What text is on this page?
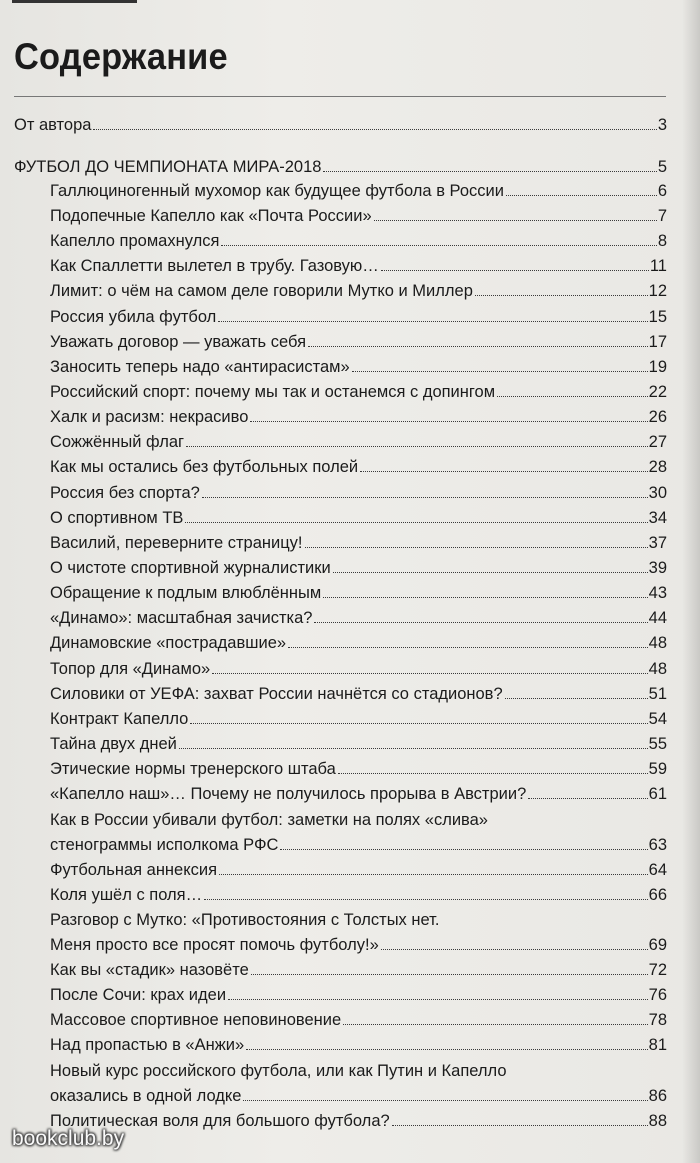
Содержание
От автора	3
ФУТБОЛ ДО ЧЕМПИОНАТА МИРА-2018	5
Галлюциногенный мухомор как будущее футбола в России	6
Подопечные Капелло как «Почта России»	7
Капелло промахнулся	8
Как Спаллетти вылетел в трубу. Газовую…	11
Лимит: о чём на самом деле говорили Мутко и Миллер	12
Россия убила футбол	15
Уважать договор — уважать себя	17
Заносить теперь надо «антирасистам»	19
Российский спорт: почему мы так и останемся с допингом	22
Халк и расизм: некрасиво	26
Сожжённый флаг	27
Как мы остались без футбольных полей	28
Россия без спорта?	30
О спортивном ТВ	34
Василий, переверните страницу!	37
О чистоте спортивной журналистики	39
Обращение к подлым влюблённым	43
«Динамо»: масштабная зачистка?	44
Динамовские «пострадавшие»	48
Топор для «Динамо»	48
Силовики от УЕФА: захват России начнётся со стадионов?	51
Контракт Капелло	54
Тайна двух дней	55
Этические нормы тренерского штаба	59
«Капелло наш»… Почему не получилось прорыва в Австрии?	61
Как в России убивали футбол: заметки на полях «слива»
стенограммы исполкома РФС	63
Футбольная аннексия	64
Коля ушёл с поля…	66
Разговор с Мутко: «Противостояния с Толстых нет.
Меня просто все просят помочь футболу!»	69
Как вы «стадик» назовёте	72
После Сочи: крах идеи	76
Массовое спортивное неповиновение	78
Над пропастью в «Анжи»	81
Новый курс российского футбола, или как Путин и Капелло
оказались в одной лодке	86
Политическая воля для большого футбола?	88
bookclub.by
